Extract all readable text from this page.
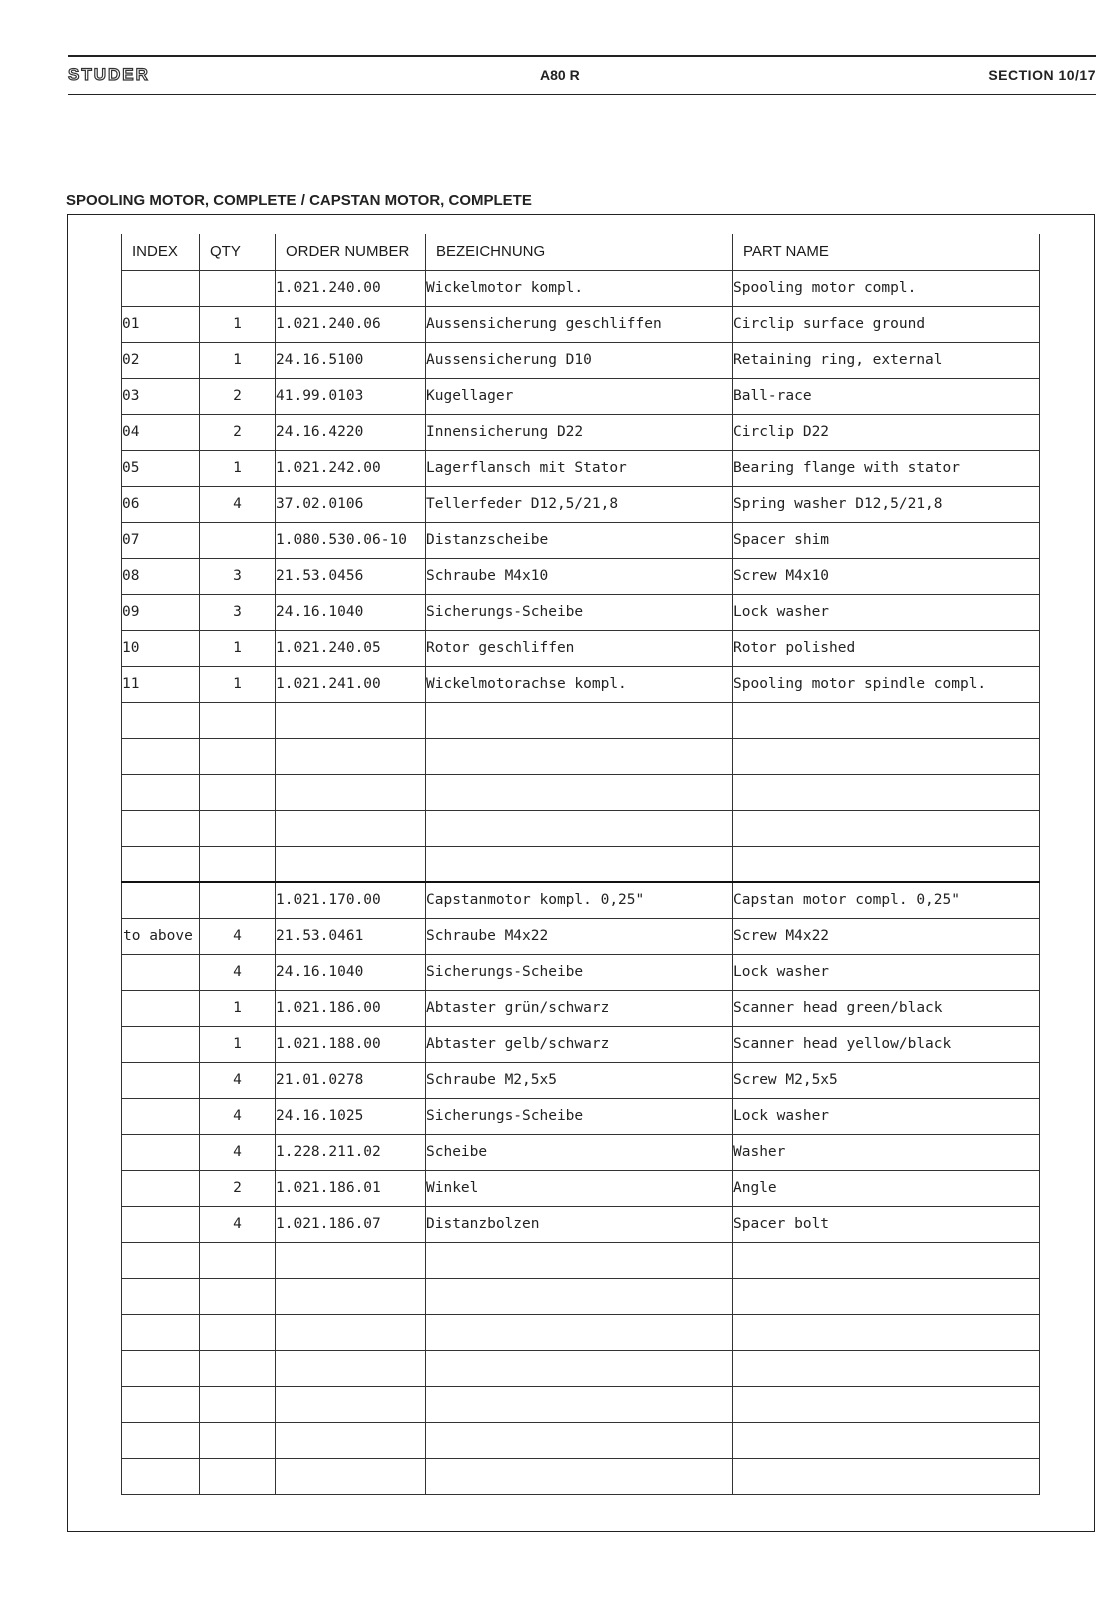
STUDER	A80 R	SECTION 10/17
SPOOLING MOTOR, COMPLETE / CAPSTAN MOTOR, COMPLETE
INDEX	QTY	ORDER NUMBER	BEZEICHNUNG	PART NAME
		1.021.240.00	Wickelmotor kompl.	Spooling motor compl.
01	1	1.021.240.06	Aussensicherung geschliffen	Circlip surface ground
02	1	24.16.5100	Aussensicherung D10	Retaining ring, external
03	2	41.99.0103	Kugellager	Ball-race
04	2	24.16.4220	Innensicherung D22	Circlip D22
05	1	1.021.242.00	Lagerflansch mit Stator	Bearing flange with stator
06	4	37.02.0106	Tellerfeder D12,5/21,8	Spring washer D12,5/21,8
07		1.080.530.06-10	Distanzscheibe	Spacer shim
08	3	21.53.0456	Schraube M4x10	Screw M4x10
09	3	24.16.1040	Sicherungs-Scheibe	Lock washer
10	1	1.021.240.05	Rotor geschliffen	Rotor polished
11	1	1.021.241.00	Wickelmotorachse kompl.	Spooling motor spindle compl.

		1.021.170.00	Capstanmotor kompl. 0,25"	Capstan motor compl. 0,25"
to above	4	21.53.0461	Schraube M4x22	Screw M4x22
	4	24.16.1040	Sicherungs-Scheibe	Lock washer
	1	1.021.186.00	Abtaster grün/schwarz	Scanner head green/black
	1	1.021.188.00	Abtaster gelb/schwarz	Scanner head yellow/black
	4	21.01.0278	Schraube M2,5x5	Screw M2,5x5
	4	24.16.1025	Sicherungs-Scheibe	Lock washer
	4	1.228.211.02	Scheibe	Washer
	2	1.021.186.01	Winkel	Angle
	4	1.021.186.07	Distanzbolzen	Spacer bolt
